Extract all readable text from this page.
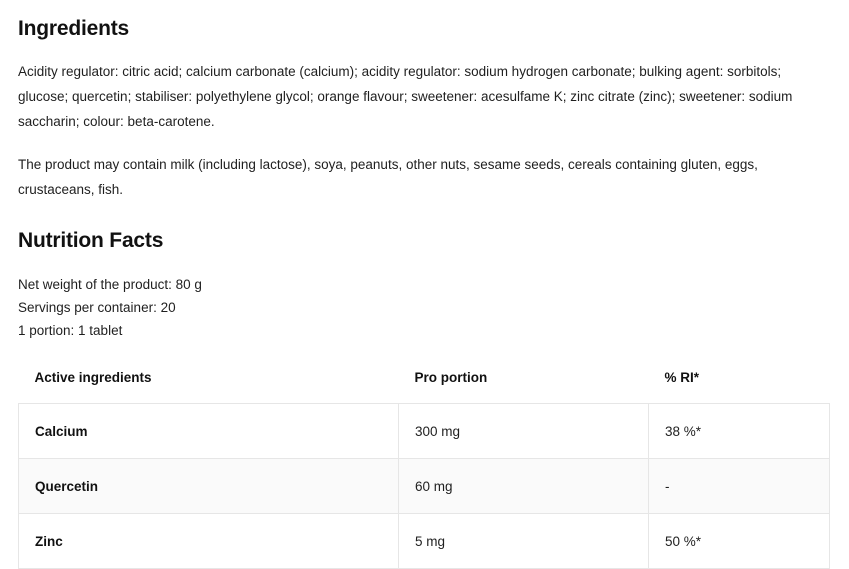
Ingredients

Acidity regulator: citric acid; calcium carbonate (calcium); acidity regulator: sodium hydrogen carbonate; bulking agent: sorbitols; glucose; quercetin; stabiliser: polyethylene glycol; orange flavour; sweetener: acesulfame K; zinc citrate (zinc); sweetener: sodium saccharin; colour: beta-carotene.

The product may contain milk (including lactose), soya, peanuts, other nuts, sesame seeds, cereals containing gluten, eggs, crustaceans, fish.

Nutrition Facts
Net weight of the product: 80 g
Servings per container: 20
1 portion: 1 tablet
Active ingredients	Pro portion	% RI*
Calcium	300 mg	38 %*
Quercetin	60 mg	-
Zinc	5 mg	50 %*
